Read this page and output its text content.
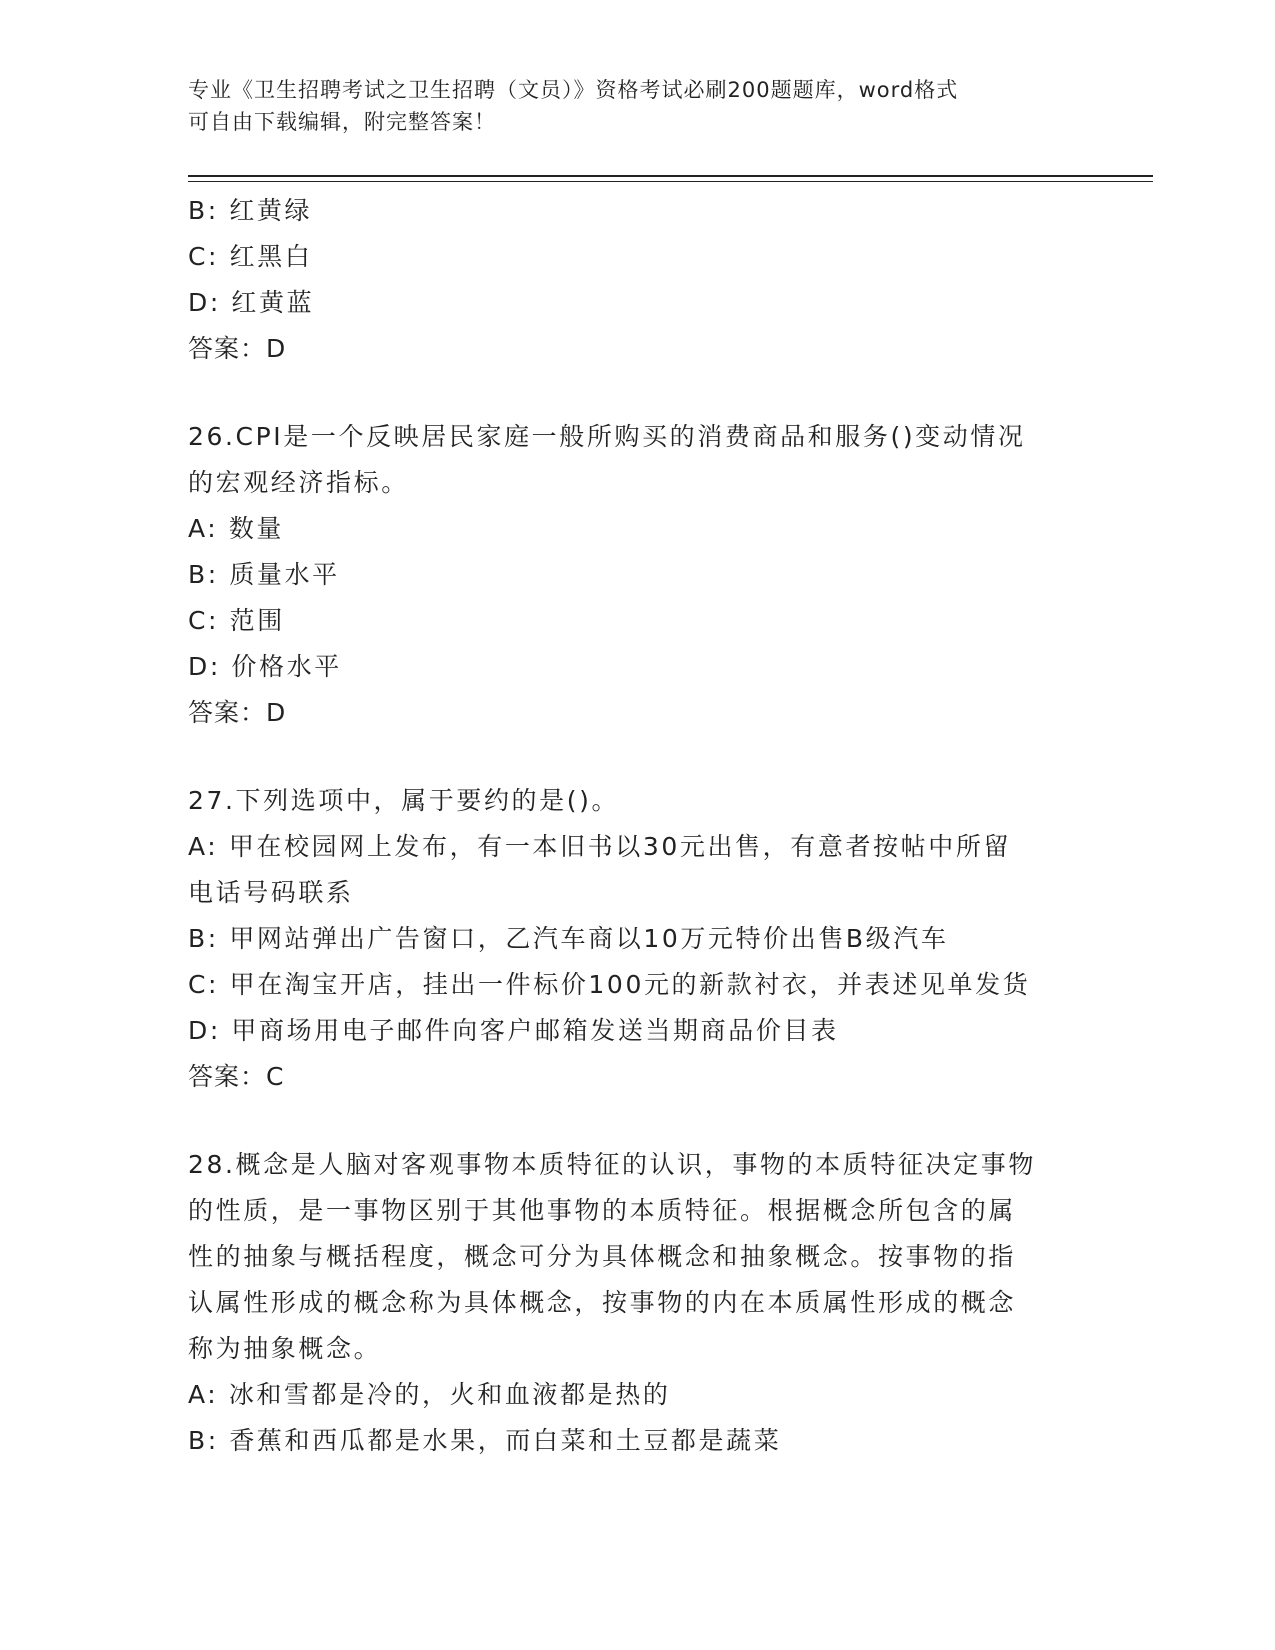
专业《卫生招聘考试之卫生招聘（文员）》资格考试必刷200题题库，word格式
可自由下载编辑，附完整答案！
B: 红黄绿
C: 红黑白
D: 红黄蓝
答案：D
26.CPI是一个反映居民家庭一般所购买的消费商品和服务()变动情况
的宏观经济指标。
A: 数量
B: 质量水平
C: 范围
D: 价格水平
答案：D
27.下列选项中，属于要约的是()。
A: 甲在校园网上发布，有一本旧书以30元出售，有意者按帖中所留
电话号码联系
B: 甲网站弹出广告窗口，乙汽车商以10万元特价出售B级汽车
C: 甲在淘宝开店，挂出一件标价100元的新款衬衣，并表述见单发货
D: 甲商场用电子邮件向客户邮箱发送当期商品价目表
答案：C
28.概念是人脑对客观事物本质特征的认识，事物的本质特征决定事物
的性质，是一事物区别于其他事物的本质特征。根据概念所包含的属
性的抽象与概括程度，概念可分为具体概念和抽象概念。按事物的指
认属性形成的概念称为具体概念，按事物的内在本质属性形成的概念
称为抽象概念。
A: 冰和雪都是冷的，火和血液都是热的
B: 香蕉和西瓜都是水果，而白菜和土豆都是蔬菜
